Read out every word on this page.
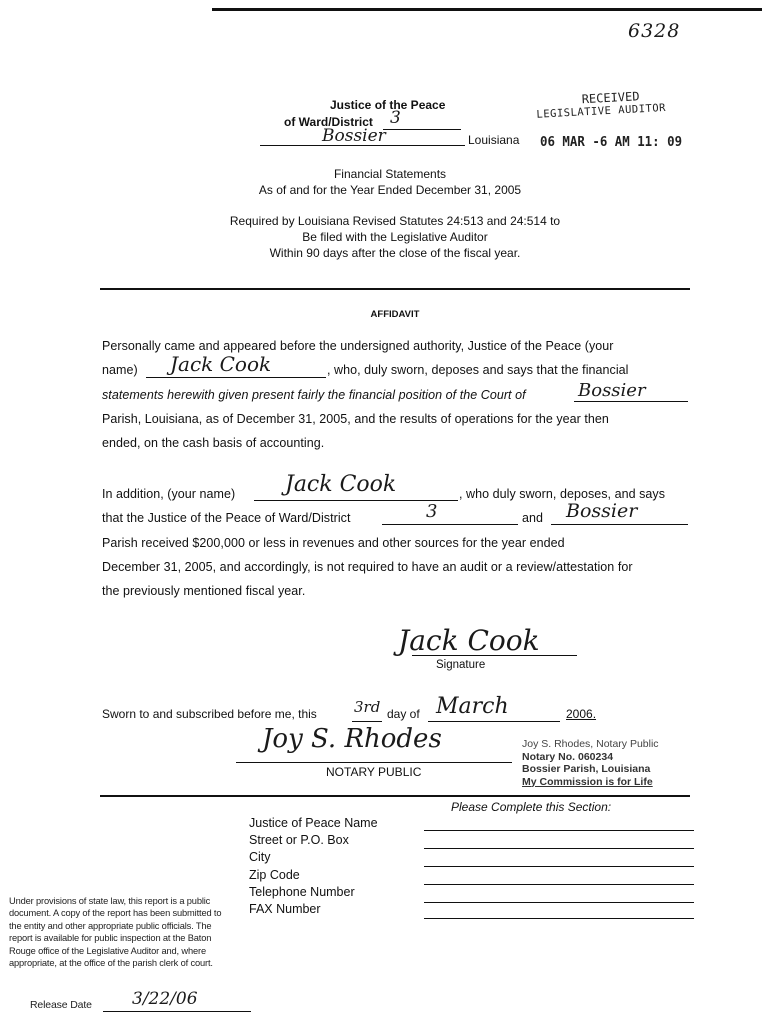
6328
RECEIVED
LEGISLATIVE AUDITOR
06 MAR -6 AM 11: 09
Justice of the Peace
of Ward/District 3
Bossier	Louisiana
Financial Statements
As of and for the Year Ended December 31, 2005
Required by Louisiana Revised Statutes 24:513 and 24:514 to
Be filed with the Legislative Auditor
Within 90 days after the close of the fiscal year.
AFFIDAVIT
Personally came and appeared before the undersigned authority, Justice of the Peace (your
name) Jack Cook	, who, duly sworn, deposes and says that the financial
statements herewith given present fairly the financial position of the Court of	Bossier
Parish, Louisiana, as of December 31, 2005, and the results of operations for the year then
ended, on the cash basis of accounting.
In addition, (your name) Jack Cook	, who duly sworn, deposes, and says
that the Justice of the Peace of Ward/District	3	and Bossier
Parish received $200,000 or less in revenues and other sources for the year ended
December 31, 2005, and accordingly, is not required to have an audit or a review/attestation for
the previously mentioned fiscal year.
Jack Cook
Signature
Sworn to and subscribed before me, this 3rd day of March	2006.
Joy S. Rhodes
NOTARY PUBLIC
Joy S. Rhodes, Notary Public
Notary No. 060234
Bossier Parish, Louisiana
My Commission is for Life
Please Complete this Section:
Justice of Peace Name
Street or P.O. Box
City
Zip Code
Telephone Number
FAX Number
Under provisions of state law, this report is a public
document. A copy of the report has been submitted to
the entity and other appropriate public officials. The
report is available for public inspection at the Baton
Rouge office of the Legislative Auditor and, where
appropriate, at the office of the parish clerk of court.
Release Date 3/22/06
